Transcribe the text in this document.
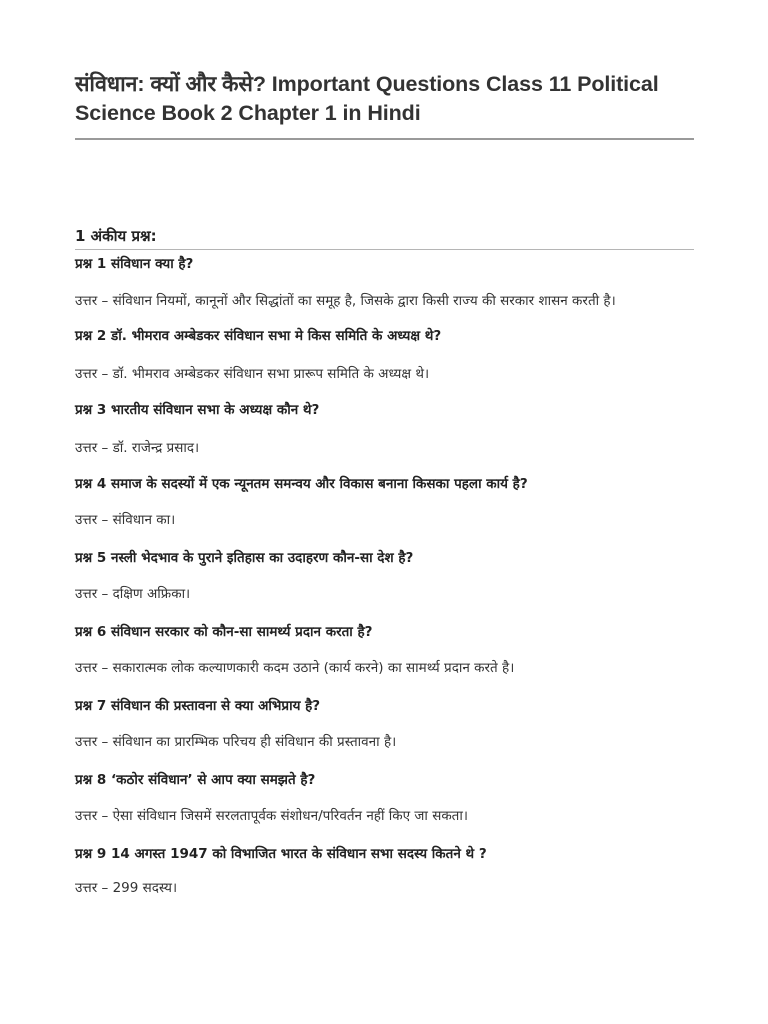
संविधान: क्यों और कैसे? Important Questions Class 11 Political Science Book 2 Chapter 1 in Hindi
1 अंकीय प्रश्न:

प्रश्न 1 संविधान क्या है?

उत्तर – संविधान नियमों, कानूनों और सिद्धांतों का समूह है, जिसके द्वारा किसी राज्य की सरकार शासन करती है।

प्रश्न 2 डॉ. भीमराव अम्बेडकर संविधान सभा मे किस समिति के अध्यक्ष थे?

उत्तर – डॉ. भीमराव अम्बेडकर संविधान सभा प्रारूप समिति के अध्यक्ष थे।

प्रश्न 3 भारतीय संविधान सभा के अध्यक्ष कौन थे?

उत्तर – डॉ. राजेन्द्र प्रसाद।

प्रश्न 4 समाज के सदस्यों में एक न्यूनतम समन्वय और विकास बनाना किसका पहला कार्य है?

उत्तर – संविधान का।

प्रश्न 5 नस्ली भेदभाव के पुराने इतिहास का उदाहरण कौन-सा देश है?

उत्तर – दक्षिण अफ्रिका।

प्रश्न 6 संविधान सरकार को कौन-सा सामर्थ्य प्रदान करता है?

उत्तर – सकारात्मक लोक कल्याणकारी कदम उठाने (कार्य करने) का सामर्थ्य प्रदान करते है।

प्रश्न 7 संविधान की प्रस्तावना से क्या अभिप्राय है?

उत्तर – संविधान का प्रारम्भिक परिचय ही संविधान की प्रस्तावना है।

प्रश्न 8 ‘कठोर संविधान’ से आप क्या समझते है?

उत्तर – ऐसा संविधान जिसमें सरलतापूर्वक संशोधन/परिवर्तन नहीं किए जा सकता।

प्रश्न 9 14 अगस्त 1947 को विभाजित भारत के संविधान सभा सदस्य कितने थे ?

उत्तर – 299 सदस्य।
